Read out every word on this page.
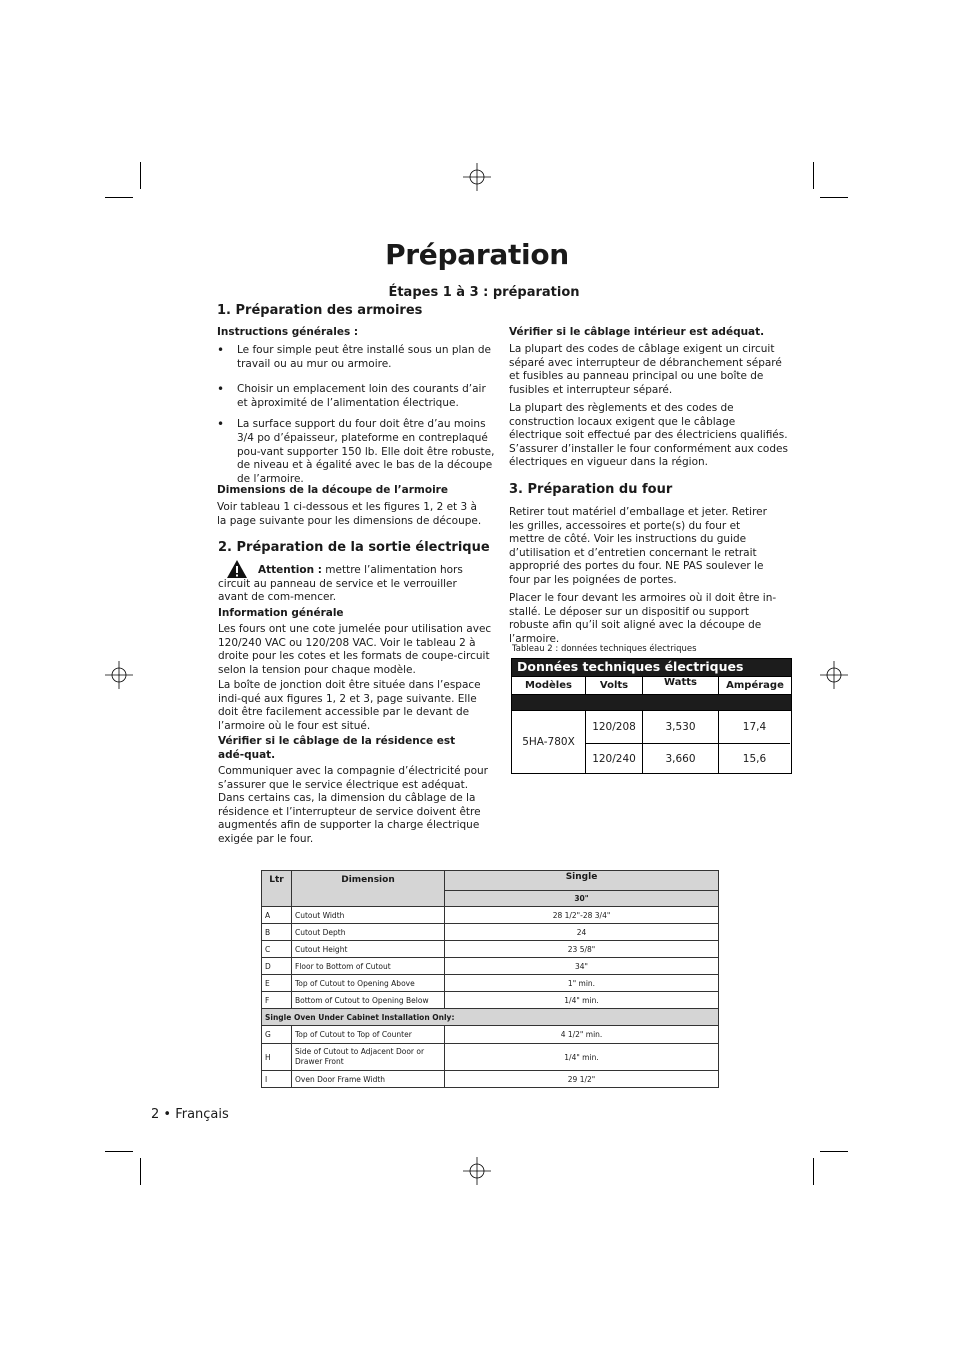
Préparation
Étapes 1 à 3 : préparation
1. Préparation des armoires
Instructions générales :
• Le four simple peut être installé sous un plan de travail ou au mur ou armoire.
• Choisir un emplacement loin des courants d’air et àproximité de l’alimentation électrique.
• La surface support du four doit être d’au moins 3/4 po d’épaisseur, plateforme en contreplaqué pou-vant supporter 150 lb. Elle doit être robuste, de niveau et à égalité avec le bas de la découpe de l’armoire.
Dimensions de la découpe de l’armoire
Voir tableau 1 ci-dessous et les figures 1, 2 et 3 à la page suivante pour les dimensions de découpe.
2. Préparation de la sortie électrique
Attention : mettre l’alimentation hors circuit au panneau de service et le verrouiller avant de com-mencer.
Information générale
Les fours ont une cote jumelée pour utilisation avec 120/240 VAC ou 120/208 VAC. Voir le tableau 2 à droite pour les cotes et les formats de coupe-circuit selon la tension pour chaque modèle.
La boîte de jonction doit être située dans l’espace indi-qué aux figures 1, 2 et 3, page suivante. Elle doit être facilement accessible par le devant de l’armoire où le four est situé.
Vérifier si le câblage de la résidence est adé-quat.
Communiquer avec la compagnie d’électricité pour s’assurer que le service électrique est adéquat. Dans certains cas, la dimension du câblage de la résidence et l’interrupteur de service doivent être augmentés afin de supporter la charge électrique exigée par le four.
Vérifier si le câblage intérieur est adéquat.
La plupart des codes de câblage exigent un circuit séparé avec interrupteur de débranchement séparé et fusibles au panneau principal ou une boîte de fusibles et interrupteur séparé.
La plupart des règlements et des codes de construction locaux exigent que le câblage électrique soit effectué par des électriciens qualifiés. S’assurer d’installer le four conformément aux codes électriques en vigueur dans la région.
3. Préparation du four
Retirer tout matériel d’emballage et jeter. Retirer les grilles, accessoires et porte(s) du four et mettre de côté. Voir les instructions du guide d’utilisation et d’entretien concernant le retrait approprié des portes du four. NE PAS soulever le four par les poignées de portes.
Placer le four devant les armoires où il doit être in-stallé. Le déposer sur un dispositif ou support robuste afin qu’il soit aligné avec la découpe de l’armoire.
Tableau 2 : données techniques électriques
Données techniques électriques
Modèles	Volts	Watts	Ampérage
5HA-780X
120/208	3,530	17,4
120/240	3,660	15,6
Ltr	Dimension	Single
		30"
A	Cutout Width	28 1/2"-28 3/4"
B	Cutout Depth	24
C	Cutout Height	23 5/8"
D	Floor to Bottom of Cutout	34"
E	Top of Cutout to Opening Above	1" min.
F	Bottom of Cutout to Opening Below	1/4" min.
Single Oven Under Cabinet Installation Only:		
G	Top of Cutout to Top of Counter	4 1/2" min.
H	Side of Cutout to Adjacent Door or Drawer Front	1/4" min.
I	Oven Door Frame Width	29 1/2"
2 • Français
